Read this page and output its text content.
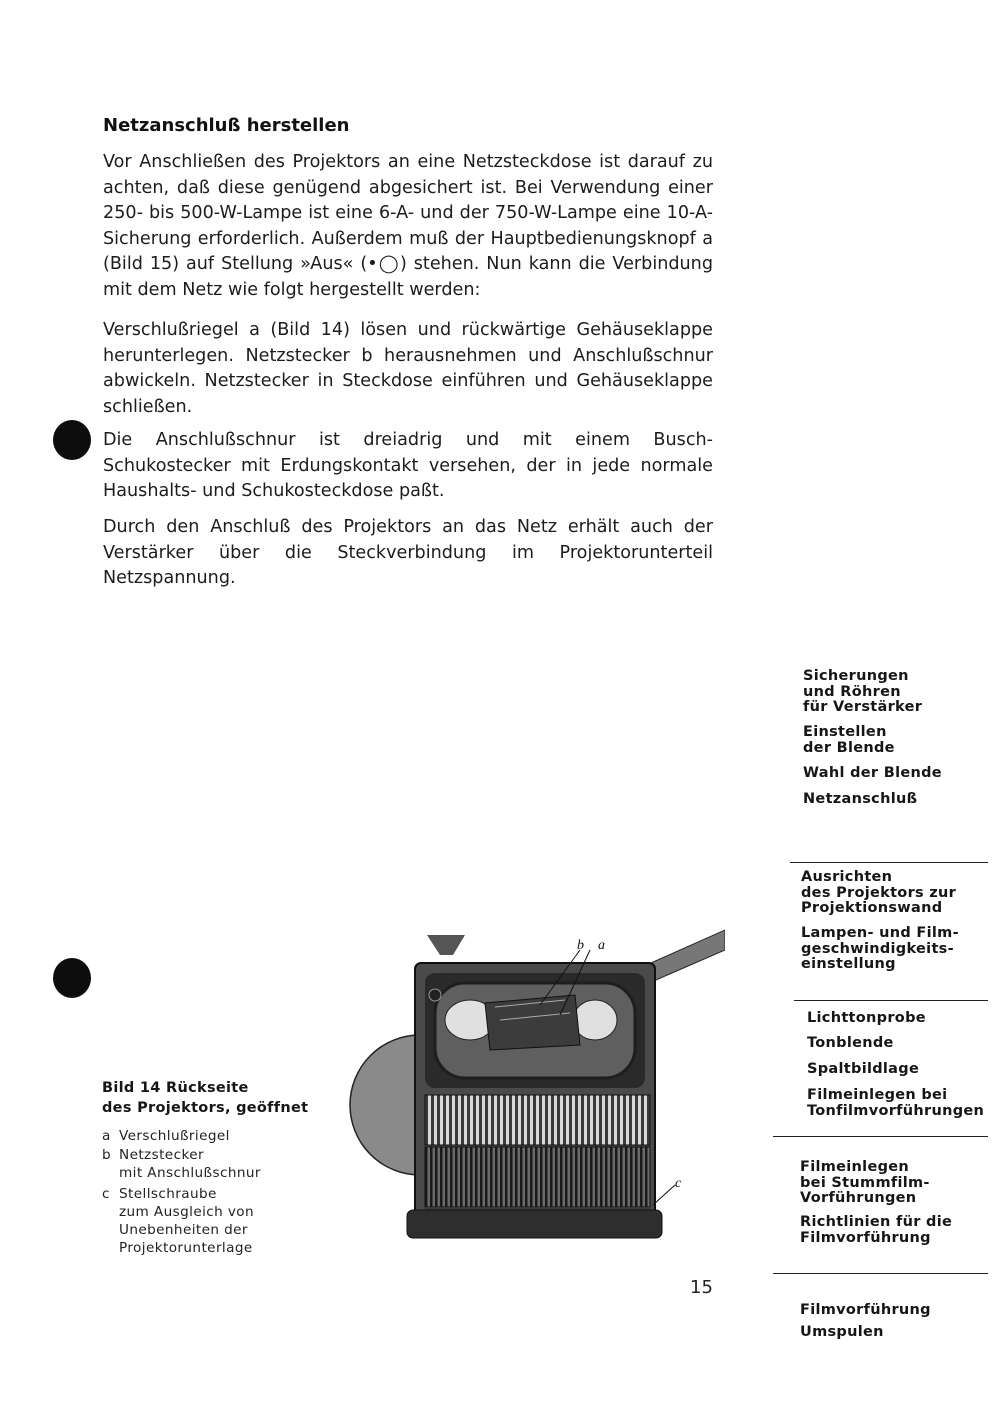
Netzanschluß herstellen

Vor Anschließen des Projektors an eine Netzsteckdose ist darauf zu achten, daß diese genügend abgesichert ist. Bei Verwendung einer 250- bis 500-W-Lampe ist eine 6-A- und der 750-W-Lampe eine 10-A-Sicherung erforderlich. Außerdem muß der Hauptbedienungsknopf a (Bild 15) auf Stellung »Aus« (•◯) stehen. Nun kann die Verbindung mit dem Netz wie folgt hergestellt werden:

Verschlußriegel a (Bild 14) lösen und rückwärtige Gehäuseklappe herunterlegen. Netzstecker b herausnehmen und Anschlußschnur abwickeln. Netzstecker in Steckdose einführen und Gehäuseklappe schließen.

Die Anschlußschnur ist dreiadrig und mit einem Busch-Schukostecker mit Erdungskontakt versehen, der in jede normale Haushalts- und Schukosteckdose paßt.

Durch den Anschluß des Projektors an das Netz erhält auch der Verstärker über die Steckverbindung im Projektorunterteil Netzspannung.

Sicherungen
und Röhren
für Verstärker
Einstellen
der Blende
Wahl der Blende
Netzanschluß
Ausrichten
des Projektors zur
Projektionswand
Lampen- und Film-
geschwindigkeits-
einstellung
Lichttonprobe
Tonblende
Spaltbildlage
Filmeinlegen bei
Tonfilmvorführungen
Filmeinlegen
bei Stummfilm-
Vorführungen
Richtlinien für die
Filmvorführung
Filmvorführung
Umspulen
Bild 14 Rückseite
des Projektors, geöffnet
a Verschlußriegel
b Netzstecker
mit Anschlußschnur
c Stellschraube
zum Ausgleich von
Unebenheiten der
Projektorunterlage
b a
c
15
